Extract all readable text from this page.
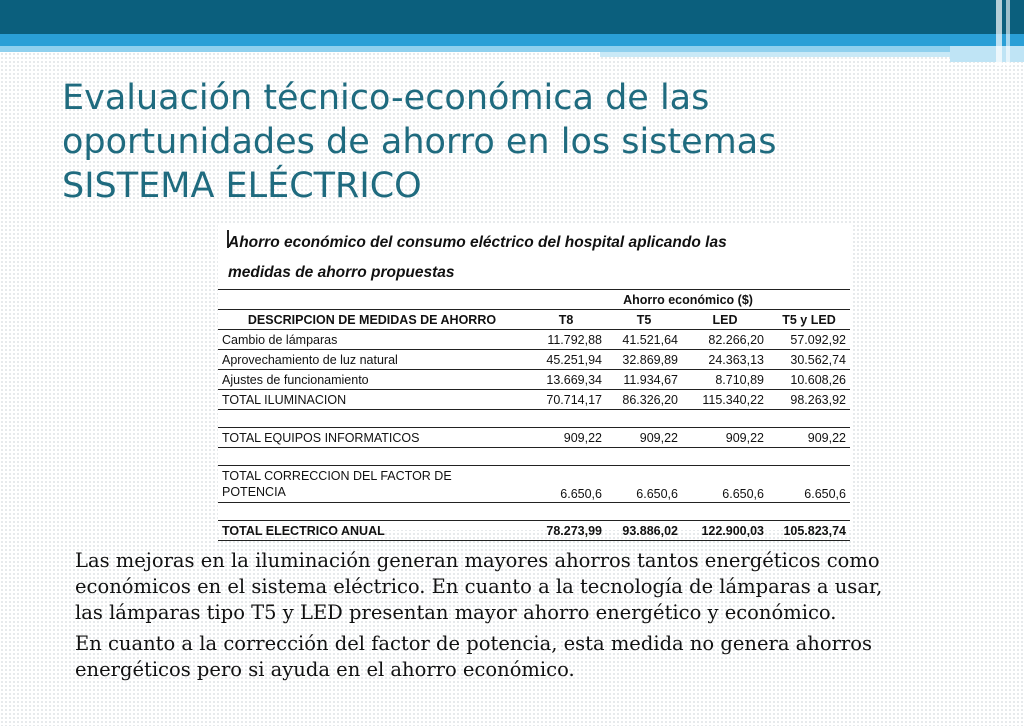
Evaluación técnico-económica de las
oportunidades de ahorro en los sistemas
SISTEMA ELÉCTRICO
Ahorro económico del consumo eléctrico del hospital aplicando las
medidas de ahorro propuestas
	Ahorro económico ($)			
DESCRIPCION DE MEDIDAS DE AHORRO	T8	T5	LED	T5 y LED
Cambio de lámparas	11.792,88	41.521,64	82.266,20	57.092,92
Aprovechamiento de luz natural	45.251,94	32.869,89	24.363,13	30.562,74
Ajustes de funcionamiento	13.669,34	11.934,67	8.710,89	10.608,26
TOTAL ILUMINACION	70.714,17	86.326,20	115.340,22	98.263,92

TOTAL EQUIPOS INFORMATICOS	909,22	909,22	909,22	909,22

TOTAL CORRECCION DEL FACTOR DE
POTENCIA	6.650,6	6.650,6	6.650,6	6.650,6

TOTAL ELECTRICO ANUAL	78.273,99	93.886,02	122.900,03	105.823,74

Las mejoras en la iluminación generan mayores ahorros tantos energéticos como
económicos en el sistema eléctrico. En cuanto a la tecnología de lámparas a usar,
las lámparas tipo T5 y LED presentan mayor ahorro energético y económico.

En cuanto a la corrección del factor de potencia, esta medida no genera ahorros
energéticos pero si ayuda en el ahorro económico.
